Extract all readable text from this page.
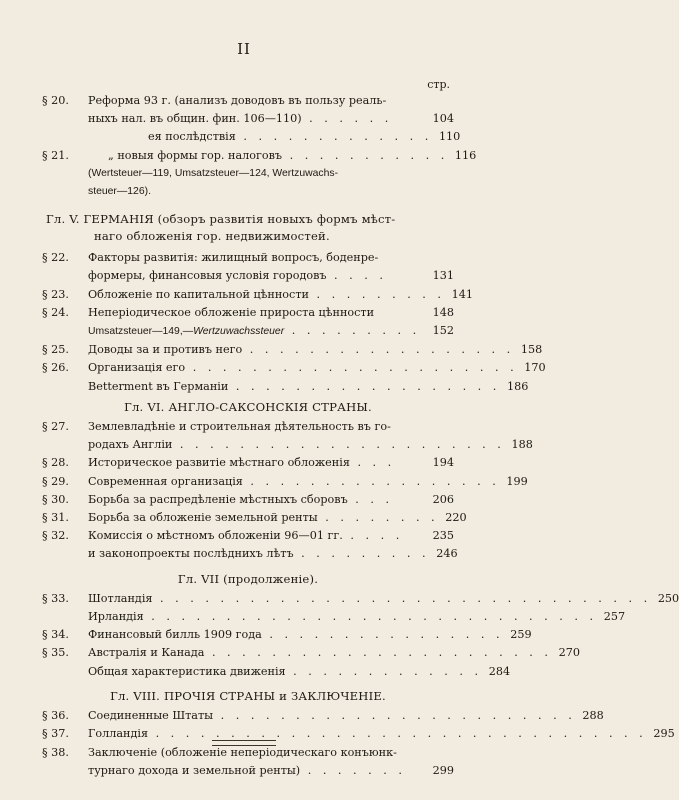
II
стр.
§ 20.	Реформа 93 г. (анализъ доводовъ въ пользу реаль-
ныхъ нал. въ общин. фин. 106—110) . . . . . .	104
ея послѣдствія . . . . . . . . . . . . . 110
§ 21.	„ новыя формы гор. налоговъ . . . . . . . . . . . 116
(Wertsteuer—119, Umsatzsteuer—124, Wertzuwachs-
steuer—126).
Гл. V. ГЕРМАНІЯ (обзоръ развитія новыхъ формъ мѣст-
наго обложенія гор. недвижимостей.
§ 22.	Факторы развитія: жилищный вопросъ, боденре-
формеры, финансовыя условія городовъ . . . .	131
§ 23.	Обложеніе по капитальной цѣнности . . . . . . . . . 141
§ 24.	Непеpіодическое обложеніе прироста цѣнности	148
Umsatzsteuer—149,—Wertzuwachssteuer . . . . . . . . .	152
§ 25.	Доводы за и противъ него . . . . . . . . . . . . . . . . . . 158
§ 26.	Организація его . . . . . . . . . . . . . . . . . . . . . . 170
Betterment въ Германіи . . . . . . . . . . . . . . . . . . 186
Гл. VI. АНГЛО-САКСОНСКІЯ СТРАНЫ.
§ 27.	Землевладѣніе и строительная дѣятельность въ го-
родахъ Англіи . . . . . . . . . . . . . . . . . . . . . . 188
§ 28.	Историческое развитіе мѣстнаго обложенія . . .	194
§ 29.	Современная организація . . . . . . . . . . . . . . . . . 199
§ 30.	Борьба за распредѣленіе мѣстныхъ сборовъ . . .	206
§ 31.	Борьба за обложеніе земельной ренты . . . . . . . . 220
§ 32.	Комиссія о мѣстномъ обложеніи 96—01 гг. . . . .	235
и законопроекты послѣднихъ лѣтъ . . . . . . . . . 246
Гл. VII (продолженіе).
§ 33.	Шотландія . . . . . . . . . . . . . . . . . . . . . . . . . . . . . . . . . 250
Ирландія . . . . . . . . . . . . . . . . . . . . . . . . . . . . . . 257
§ 34.	Финансовый билль 1909 года . . . . . . . . . . . . . . . . 259
§ 35.	Австралія и Канада . . . . . . . . . . . . . . . . . . . . . . . 270
Общая характеристика движенія . . . . . . . . . . . . . 284
Гл. VIII. ПРОЧІЯ СТРАНЫ и ЗАКЛЮЧЕНІЕ.
§ 36.	Соединенные Штаты . . . . . . . . . . . . . . . . . . . . . . . . 288
§ 37.	Голландія . . . . . . . . . . . . . . . . . . . . . . . . . . . . . . . . . 295
§ 38.	Заключеніе (обложеніе непеpіодическаго конъюнк-
турнаго дохода и земельной ренты) . . . . . . .	299
